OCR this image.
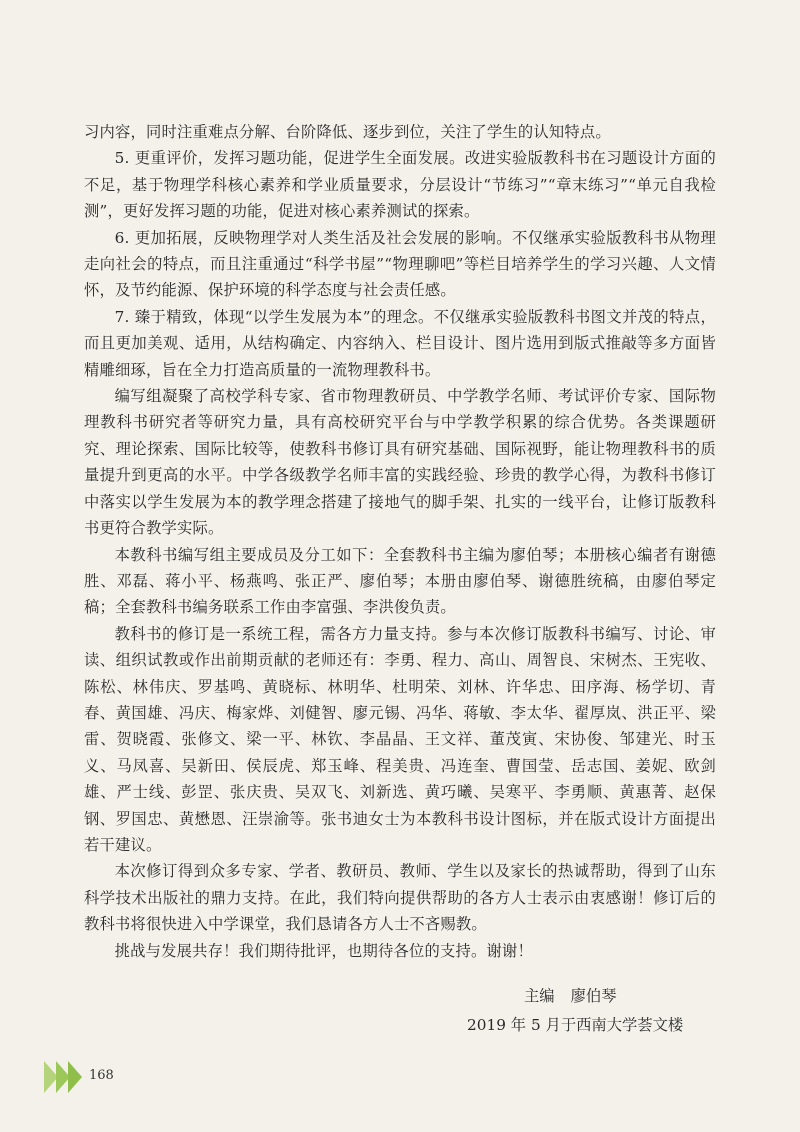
习内容，同时注重难点分解、台阶降低、逐步到位，关注了学生的认知特点。

5. 更重评价，发挥习题功能，促进学生全面发展。改进实验版教科书在习题设计方面的不足，基于物理学科核心素养和学业质量要求，分层设计“节练习”“章末练习”“单元自我检测”，更好发挥习题的功能，促进对核心素养测试的探索。

6. 更加拓展，反映物理学对人类生活及社会发展的影响。不仅继承实验版教科书从物理走向社会的特点，而且注重通过“科学书屋”“物理聊吧”等栏目培养学生的学习兴趣、人文情怀，及节约能源、保护环境的科学态度与社会责任感。

7. 臻于精致，体现“以学生发展为本”的理念。不仅继承实验版教科书图文并茂的特点，而且更加美观、适用，从结构确定、内容纳入、栏目设计、图片选用到版式推敲等多方面皆精雕细琢，旨在全力打造高质量的一流物理教科书。

编写组凝聚了高校学科专家、省市物理教研员、中学教学名师、考试评价专家、国际物理教科书研究者等研究力量，具有高校研究平台与中学教学积累的综合优势。各类课题研究、理论探索、国际比较等，使教科书修订具有研究基础、国际视野，能让物理教科书的质量提升到更高的水平。中学各级教学名师丰富的实践经验、珍贵的教学心得，为教科书修订中落实以学生发展为本的教学理念搭建了接地气的脚手架、扎实的一线平台，让修订版教科书更符合教学实际。

本教科书编写组主要成员及分工如下：全套教科书主编为廖伯琴；本册核心编者有谢德胜、邓磊、蒋小平、杨燕鸣、张正严、廖伯琴；本册由廖伯琴、谢德胜统稿，由廖伯琴定稿；全套教科书编务联系工作由李富强、李洪俊负责。

教科书的修订是一系统工程，需各方力量支持。参与本次修订版教科书编写、讨论、审读、组织试教或作出前期贡献的老师还有：李勇、程力、高山、周智良、宋树杰、王宪收、陈松、林伟庆、罗基鸣、黄晓标、林明华、杜明荣、刘林、许华忠、田序海、杨学切、青春、黄国雄、冯庆、梅家烨、刘健智、廖元锡、冯华、蒋敏、李太华、翟厚岚、洪正平、梁雷、贺晓霞、张修文、梁一平、林钦、李晶晶、王文祥、董茂寅、宋协俊、邹建光、时玉义、马凤喜、吴新田、侯辰虎、郑玉峰、程美贵、冯连奎、曹国莹、岳志国、姜妮、欧剑雄、严士线、彭罡、张庆贵、吴双飞、刘新选、黄巧曦、吴寒平、李勇顺、黄惠菁、赵保钢、罗国忠、黄懋恩、汪崇渝等。张书迪女士为本教科书设计图标，并在版式设计方面提出若干建议。

本次修订得到众多专家、学者、教研员、教师、学生以及家长的热诚帮助，得到了山东科学技术出版社的鼎力支持。在此，我们特向提供帮助的各方人士表示由衷感谢！修订后的教科书将很快进入中学课堂，我们恳请各方人士不吝赐教。

挑战与发展共存！我们期待批评，也期待各位的支持。谢谢！

主编 廖伯琴
2019 年 5 月于西南大学荟文楼
168
